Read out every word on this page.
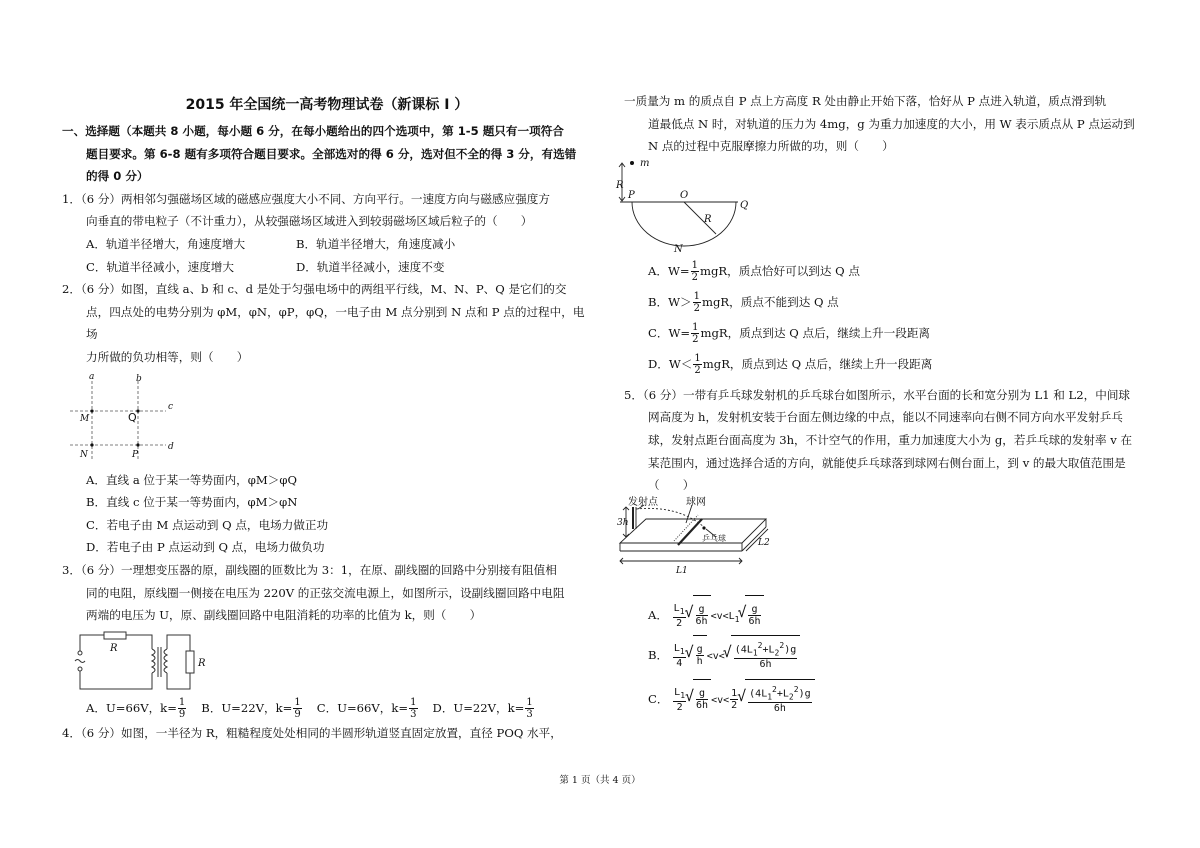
2015 年全国统一高考物理试卷（新课标 I ）
一、选择题（本题共 8 小题，每小题 6 分，在每小题给出的四个选项中，第 1-5 题只有一项符合
题目要求。第 6-8 题有多项符合题目要求。全部选对的得 6 分，选对但不全的得 3 分，有选错
的得 0 分）
1．（6 分）两相邻匀强磁场区域的磁感应强度大小不同、方向平行。一速度方向与磁感应强度方
向垂直的带电粒子（不计重力），从较强磁场区域进入到较弱磁场区域后粒子的（　　）
A．轨道半径增大，角速度增大	B．轨道半径增大，角速度减小
C．轨道半径减小，速度增大	D．轨道半径减小，速度不变
2．（6 分）如图，直线 a、b 和 c、d 是处于匀强电场中的两组平行线，M、N、P、Q 是它们的交
点，四点处的电势分别为 φM，φN，φP，φQ，一电子由 M 点分别到 N 点和 P 点的过程中，电场
力所做的负功相等，则（　　）
a	b
c
d
M
N	P
Q
A．直线 a 位于某一等势面内，φM＞φQ
B．直线 c 位于某一等势面内，φM＞φN
C．若电子由 M 点运动到 Q 点，电场力做正功
D．若电子由 P 点运动到 Q 点，电场力做负功
3．（6 分）一理想变压器的原，副线圈的匝数比为 3：1，在原、副线圈的回路中分别接有阻值相
同的电阻，原线圈一侧接在电压为 220V 的正弦交流电源上，如图所示，设副线圈回路中电阻
两端的电压为 U，原、副线圈回路中电阻消耗的功率的比值为 k，则（　　）
R
R
A．U=66V，$k= \frac{1}{9}$ B．U=22V，$k= \frac{1}{9}$ C．U=66V，$k= \frac{1}{3}$ D．U=22V，$k= \frac{1}{3}$
4．（6 分）如图，一半径为 R，粗糙程度处处相同的半圆形轨道竖直固定放置，直径 POQ 水平，
一质量为 m 的质点自 P 点上方高度 R 处由静止开始下落，恰好从 P 点进入轨道，质点滑到轨
道最低点 N 时，对轨道的压力为 4mg，g 为重力加速度的大小，用 W 表示质点从 P 点运动到
N 点的过程中克服摩擦力所做的功，则（　　）
m
R
P	O
Q
R
N
A．$W= \frac{1}{2}$ mgR，质点恰好可以到达 Q 点
B．$W> \frac{1}{2}$ mgR，质点不能到达 Q 点
C．$W= \frac{1}{2}$ mgR，质点到达 Q 点后，继续上升一段距离
D．$W< \frac{1}{2}$ mgR，质点到达 Q 点后，继续上升一段距离
5．（6 分）一带有乒乓球发射机的乒乓球台如图所示，水平台面的长和宽分别为 L1 和 L2，中间球
网高度为 h，发射机安装于台面左侧边缘的中点，能以不同速率向右侧不同方向水平发射乒乓
球，发射点距台面高度为 3h，不计空气的作用，重力加速度大小为 g，若乒乓球的发射率 v 在
某范围内，通过选择合适的方向，就能使乒乓球落到球网右侧台面上，到 v 的最大取值范围是
（　　）
发射点	球网
乒乓球
3h
L1
L2
A． $\frac{L_1}{2}$ √ $\frac{g}{6h} <v<L_1$ √ $\frac{g}{6h}$
B． $\frac{L_1}{4}$ √ $\frac{g}{h} <v<$ √ $\frac{(4L_1^2+L_2^2)g}{6h}$
C． $\frac{L_1}{2}$ √ $\frac{g}{6h} <v< \frac{1}{2}$ √ $\frac{(4L_1^2+L_2^2)g}{6h}$
第 1 页（共 4 页）
